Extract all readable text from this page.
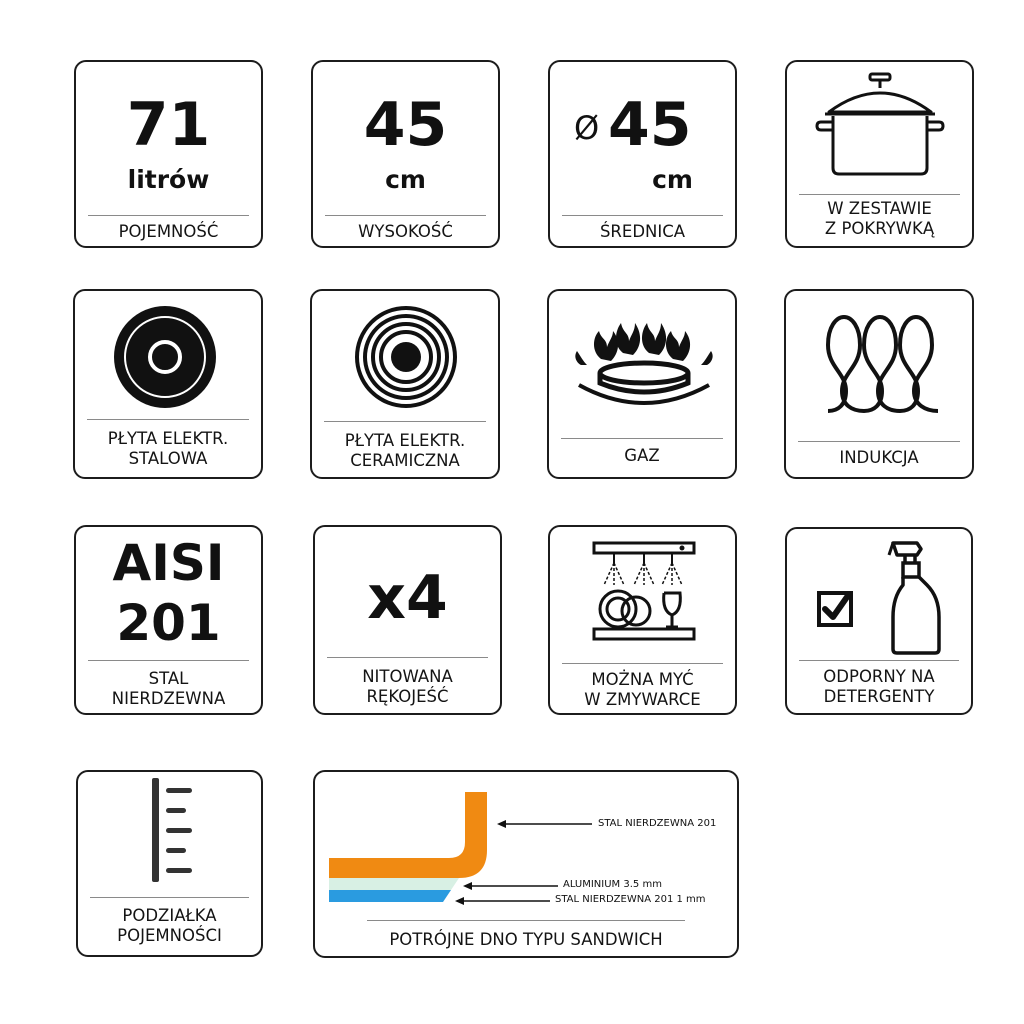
71
litrów
POJEMNOŚĆ
45
cm
WYSOKOŚĆ
Ø 45
cm
ŚREDNICA
W ZESTAWIE
Z POKRYWKĄ
PŁYTA ELEKTR.
STALOWA
PŁYTA ELEKTR.
CERAMICZNA	GAZ	INDUKCJA
AISI
201
STAL
NIERDZEWNA
x4
NITOWANA
RĘKOJEŚĆ
MOŻNA MYĆ
W ZMYWARCE
ODPORNY NA
DETERGENTY
PODZIAŁKA
POJEMNOŚCI
STAL NIERDZEWNA 201
ALUMINIUM 3.5 mm
STAL NIERDZEWNA 201 1 mm
POTRÓJNE DNO TYPU SANDWICH
